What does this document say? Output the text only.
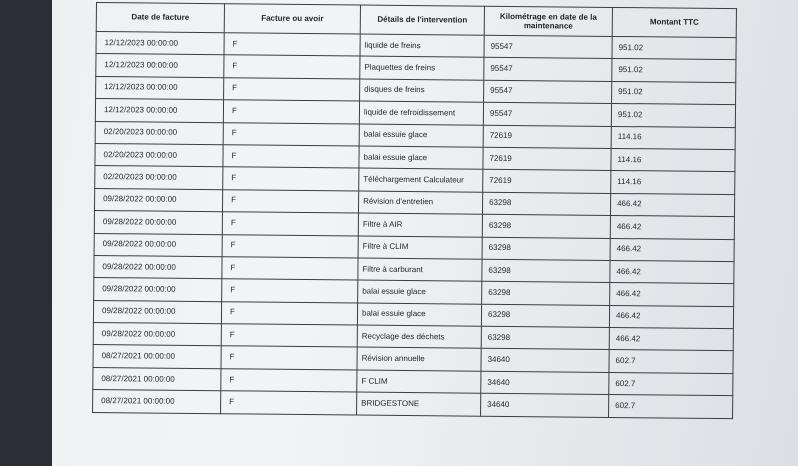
Date de facture	Facture ou avoir	Détails de l'intervention	Kilométrage en date de la maintenance	Montant TTC
12/12/2023 00:00:00	F	liquide de freins	95547	951.02
12/12/2023 00:00:00	F	Plaquettes de freins	95547	951.02
12/12/2023 00:00:00	F	disques de freins	95547	951.02
12/12/2023 00:00:00	F	liquide de refroidissement	95547	951.02
02/20/2023 00:00:00	F	balai essuie glace	72619	114.16
02/20/2023 00:00:00	F	balai essuie glace	72619	114.16
02/20/2023 00:00:00	F	Téléchargement Calculateur	72619	114.16
09/28/2022 00:00:00	F	Révision d'entretien	63298	466.42
09/28/2022 00:00:00	F	Filtre à AIR	63298	466.42
09/28/2022 00:00:00	F	Filtre à CLIM	63298	466.42
09/28/2022 00:00:00	F	Filtre à carburant	63298	466.42
09/28/2022 00:00:00	F	balai essuie glace	63298	466.42
09/28/2022 00:00:00	F	balai essuie glace	63298	466.42
09/28/2022 00:00:00	F	Recyclage des déchets	63298	466.42
08/27/2021 00:00:00	F	Révision annuelle	34640	602.7
08/27/2021 00:00:00	F	F CLIM	34640	602.7
08/27/2021 00:00:00	F	BRIDGESTONE	34640	602.7
